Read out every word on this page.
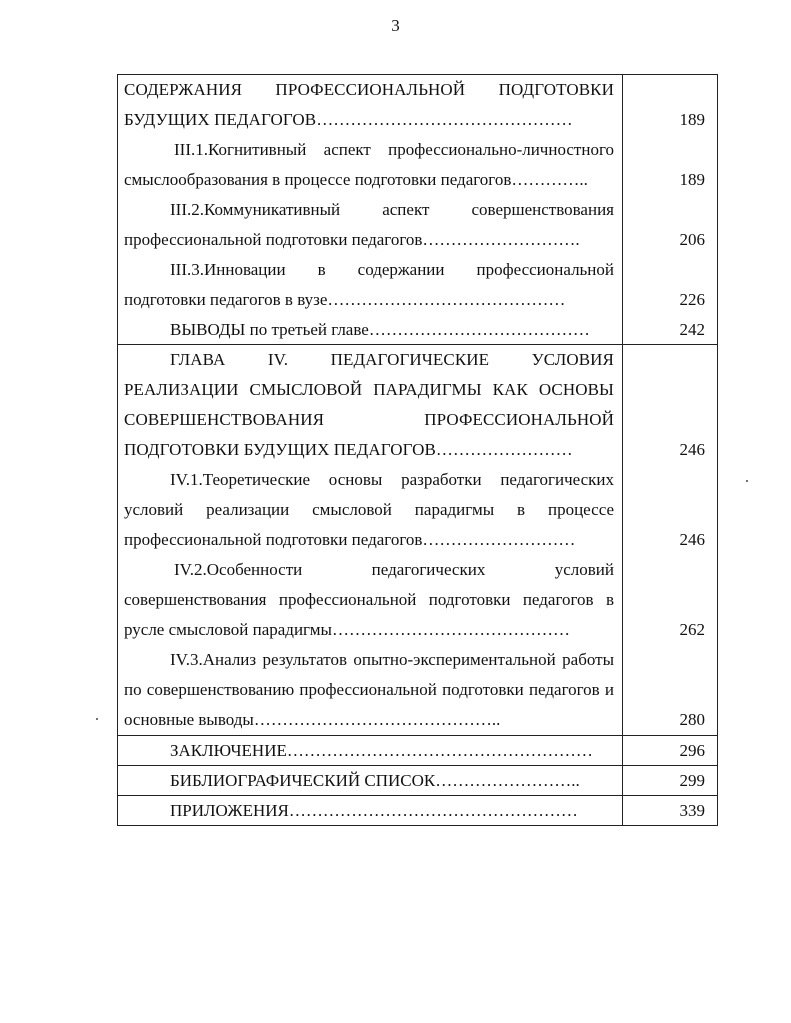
3
СОДЕРЖАНИЯ ПРОФЕССИОНАЛЬНОЙ ПОДГОТОВКИ БУДУЩИХ ПЕДАГОГОВ………………………………………	189
III.1.Когнитивный аспект профессионально-личностного смыслообразования в процессе подготовки педагогов…………..	189
III.2.Коммуникативный аспект совершенствования профессиональной подготовки педагогов……………………….	206
III.3.Инновации в содержании профессиональной подготовки педагогов в вузе……………………………………	226
ВЫВОДЫ по третьей главе…………………………………	242
ГЛАВА IV. ПЕДАГОГИЧЕСКИЕ УСЛОВИЯ РЕАЛИЗАЦИИ СМЫСЛОВОЙ ПАРАДИГМЫ КАК ОСНОВЫ СОВЕРШЕНСТВОВАНИЯ ПРОФЕССИОНАЛЬНОЙ ПОДГОТОВКИ БУДУЩИХ ПЕДАГОГОВ……………………	246
IV.1.Теоретические основы разработки педагогических условий реализации смысловой парадигмы в процессе профессиональной подготовки педагогов………………………	246
IV.2.Особенности педагогических условий совершенствования профессиональной подготовки педагогов в русле смысловой парадигмы……………………………………	262
IV.3.Анализ результатов опытно-экспериментальной работы по совершенствованию профессиональной подготовки педагогов и основные выводы……………………………………..	280
ЗАКЛЮЧЕНИЕ………………………………………………	296
БИБЛИОГРАФИЧЕСКИЙ СПИСОК……………………..	299
ПРИЛОЖЕНИЯ……………………………………………	339
